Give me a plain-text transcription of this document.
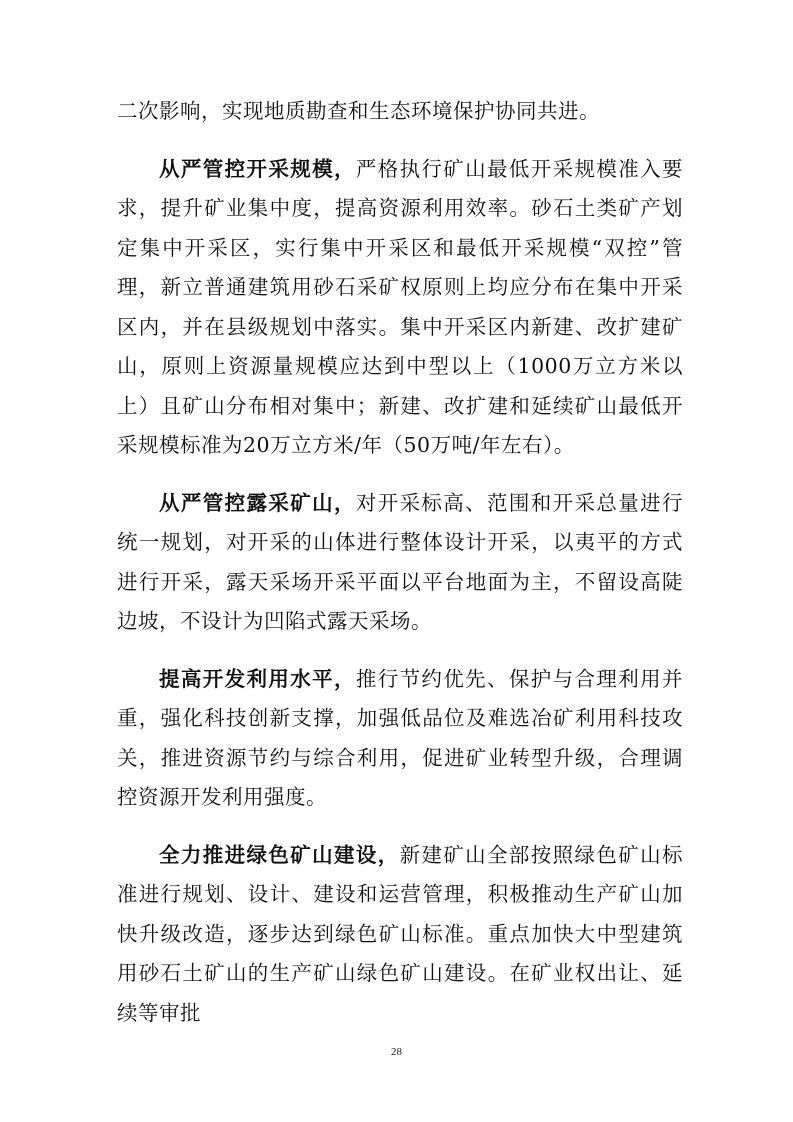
二次影响，实现地质勘查和生态环境保护协同共进。

从严管控开采规模，严格执行矿山最低开采规模准入要求，提升矿业集中度，提高资源利用效率。砂石土类矿产划定集中开采区，实行集中开采区和最低开采规模“双控”管理，新立普通建筑用砂石采矿权原则上均应分布在集中开采区内，并在县级规划中落实。集中开采区内新建、改扩建矿山，原则上资源量规模应达到中型以上（1000万立方米以上）且矿山分布相对集中；新建、改扩建和延续矿山最低开采规模标准为20万立方米/年（50万吨/年左右）。

从严管控露采矿山，对开采标高、范围和开采总量进行统一规划，对开采的山体进行整体设计开采，以夷平的方式进行开采，露天采场开采平面以平台地面为主，不留设高陡边坡，不设计为凹陷式露天采场。

提高开发利用水平，推行节约优先、保护与合理利用并重，强化科技创新支撑，加强低品位及难选冶矿利用科技攻关，推进资源节约与综合利用，促进矿业转型升级，合理调控资源开发利用强度。

全力推进绿色矿山建设，新建矿山全部按照绿色矿山标准进行规划、设计、建设和运营管理，积极推动生产矿山加快升级改造，逐步达到绿色矿山标准。重点加快大中型建筑用砂石土矿山的生产矿山绿色矿山建设。在矿业权出让、延续等审批

28
